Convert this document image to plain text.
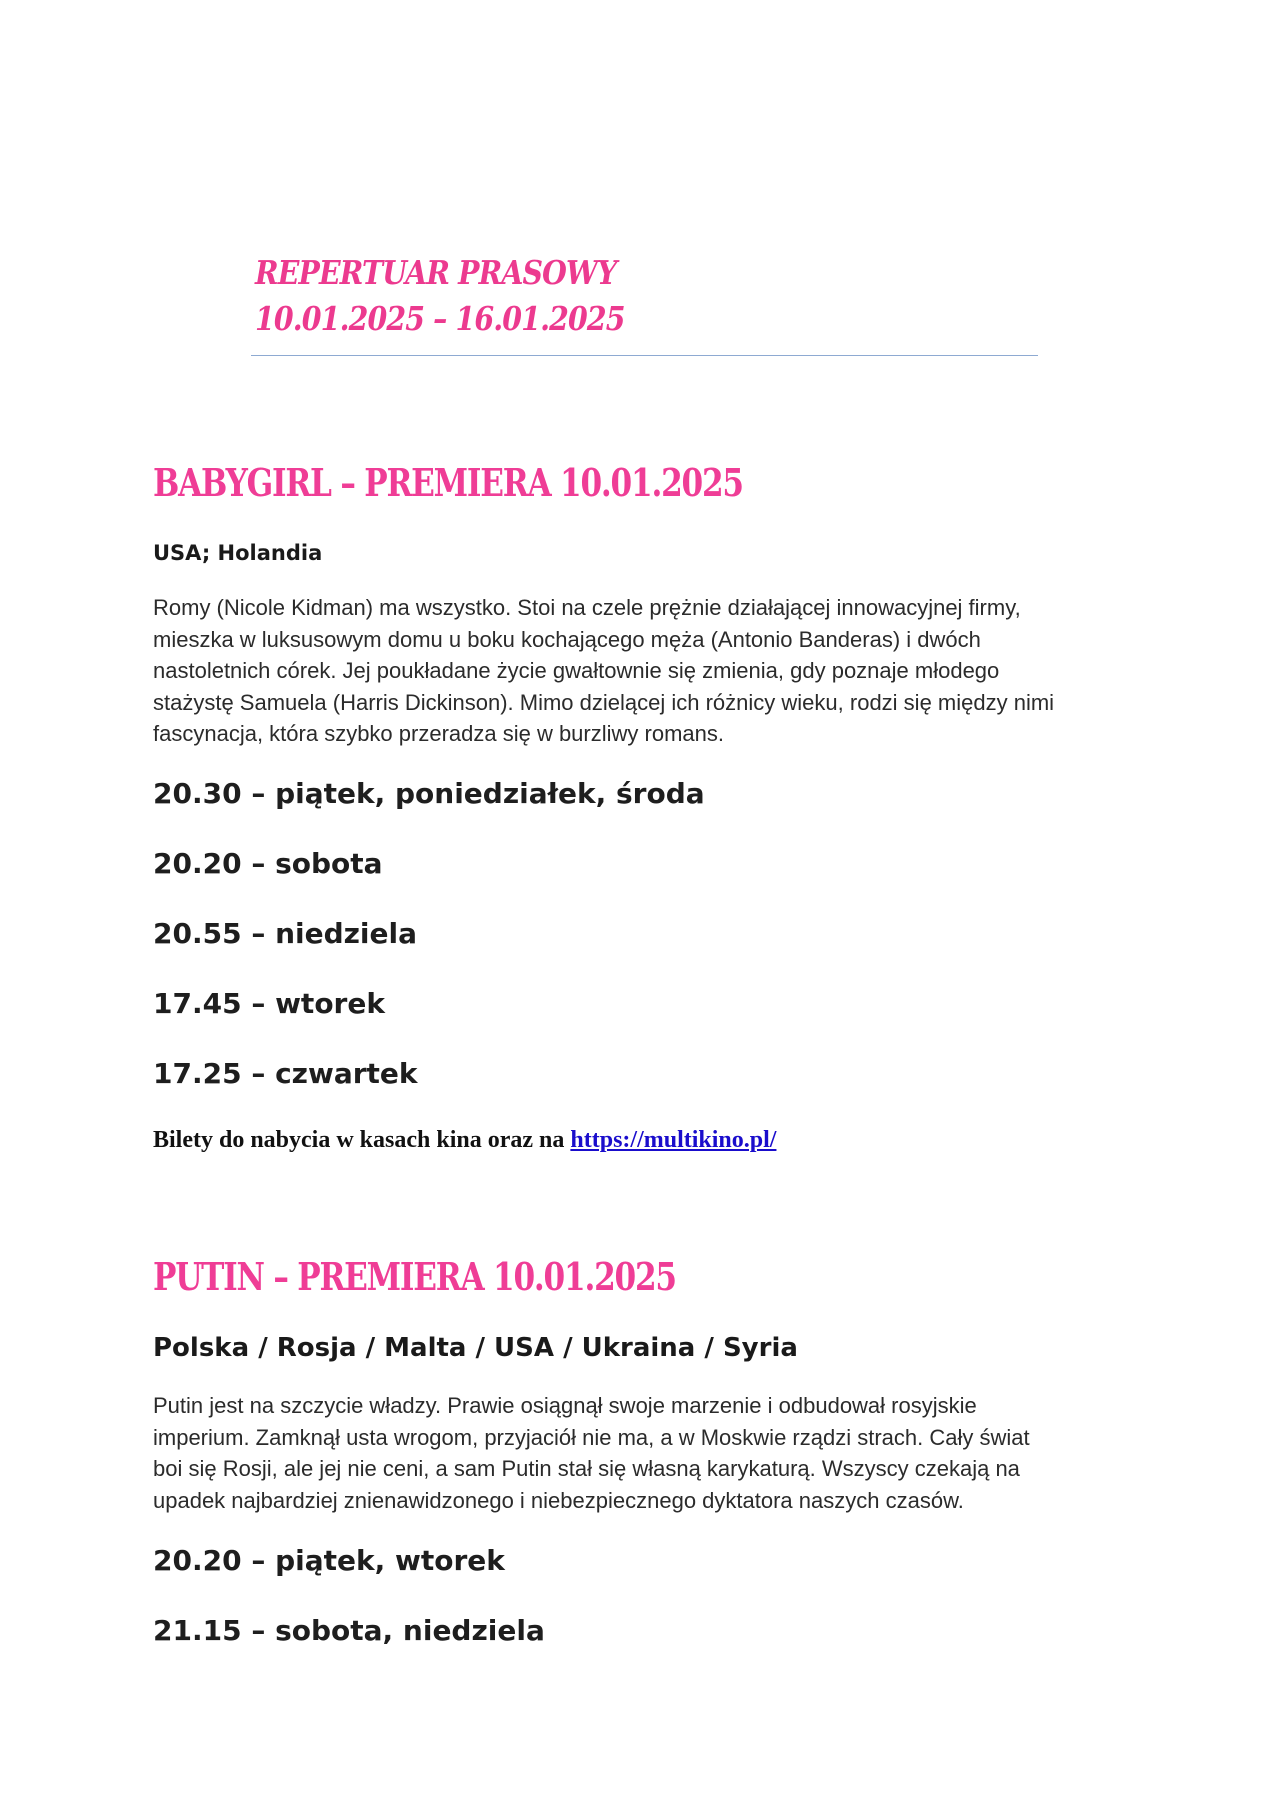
REPERTUAR PRASOWY
10.01.2025 – 16.01.2025
BABYGIRL – PREMIERA 10.01.2025
USA; Holandia
Romy (Nicole Kidman) ma wszystko. Stoi na czele prężnie działającej innowacyjnej firmy,
mieszka w luksusowym domu u boku kochającego męża (Antonio Banderas) i dwóch
nastoletnich córek. Jej poukładane życie gwałtownie się zmienia, gdy poznaje młodego
stażystę Samuela (Harris Dickinson). Mimo dzielącej ich różnicy wieku, rodzi się między nimi
fascynacja, która szybko przeradza się w burzliwy romans.
20.30 – piątek, poniedziałek, środa
20.20 – sobota
20.55 – niedziela
17.45 – wtorek
17.25 – czwartek
Bilety do nabycia w kasach kina oraz na https://multikino.pl/
PUTIN – PREMIERA 10.01.2025
Polska / Rosja / Malta / USA / Ukraina / Syria
Putin jest na szczycie władzy. Prawie osiągnął swoje marzenie i odbudował rosyjskie
imperium. Zamknął usta wrogom, przyjaciół nie ma, a w Moskwie rządzi strach. Cały świat
boi się Rosji, ale jej nie ceni, a sam Putin stał się własną karykaturą. Wszyscy czekają na
upadek najbardziej znienawidzonego i niebezpiecznego dyktatora naszych czasów.
20.20 – piątek, wtorek
21.15 – sobota, niedziela
